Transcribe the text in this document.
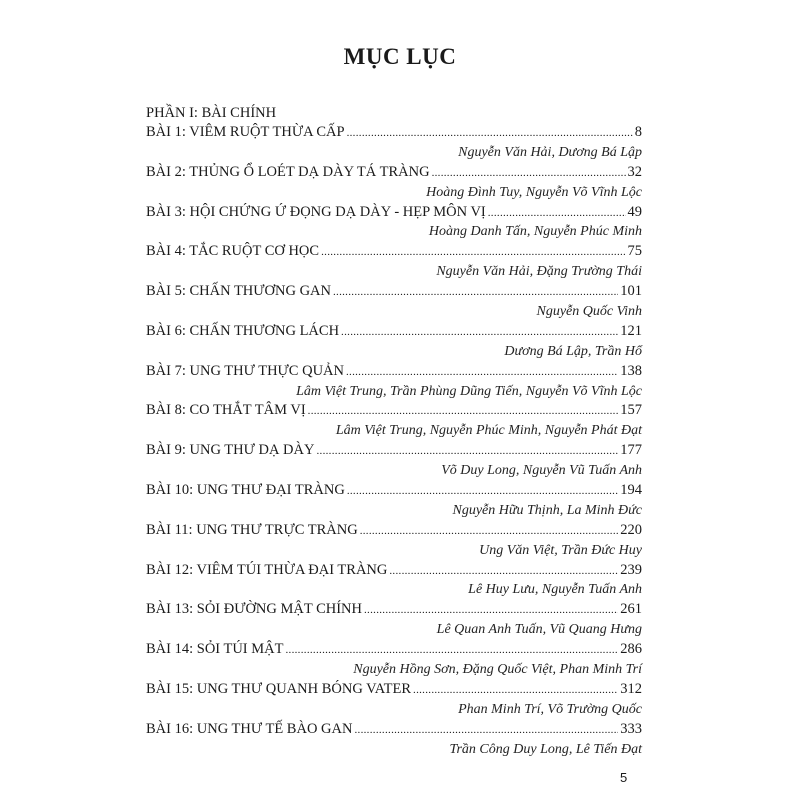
MỤC LỤC
PHẦN I: BÀI CHÍNH
BÀI 1: VIÊM RUỘT THỪA CẤP .....	8
Nguyễn Văn Hải, Dương Bá Lập
BÀI 2: THỦNG Ổ LOÉT DẠ DÀY TÁ TRÀNG .....	32
Hoàng Đình Tuy, Nguyễn Võ Vĩnh Lộc
BÀI 3: HỘI CHỨNG Ứ ĐỌNG DẠ DÀY - HẸP MÔN VỊ .....	49
Hoàng Danh Tấn, Nguyễn Phúc Minh
BÀI 4: TẮC RUỘT CƠ HỌC .....	75
Nguyễn Văn Hải, Đặng Trường Thái
BÀI 5: CHẤN THƯƠNG GAN .....	101
Nguyễn Quốc Vinh
BÀI 6: CHẤN THƯƠNG LÁCH .....	121
Dương Bá Lập, Trần Hổ
BÀI 7: UNG THƯ THỰC QUẢN .....	138
Lâm Việt Trung, Trần Phùng Dũng Tiến, Nguyễn Võ Vĩnh Lộc
BÀI 8: CO THẮT TÂM VỊ .....	157
Lâm Việt Trung, Nguyễn Phúc Minh, Nguyễn Phát Đạt
BÀI 9: UNG THƯ DẠ DÀY .....	177
Võ Duy Long, Nguyễn Vũ Tuấn Anh
BÀI 10: UNG THƯ ĐẠI TRÀNG .....	194
Nguyễn Hữu Thịnh, La Minh Đức
BÀI 11: UNG THƯ TRỰC TRÀNG .....	220
Ung Văn Việt, Trần Đức Huy
BÀI 12: VIÊM TÚI THỪA ĐẠI TRÀNG .....	239
Lê Huy Lưu, Nguyễn Tuấn Anh
BÀI 13: SỎI ĐƯỜNG MẬT CHÍNH .....	261
Lê Quan Anh Tuấn, Vũ Quang Hưng
BÀI 14: SỎI TÚI MẬT .....	286
Nguyễn Hồng Sơn, Đặng Quốc Việt, Phan Minh Trí
BÀI 15: UNG THƯ QUANH BÓNG VATER .....	312
Phan Minh Trí, Võ Trường Quốc
BÀI 16: UNG THƯ TẾ BÀO GAN .....	333
Trần Công Duy Long, Lê Tiến Đạt
5
